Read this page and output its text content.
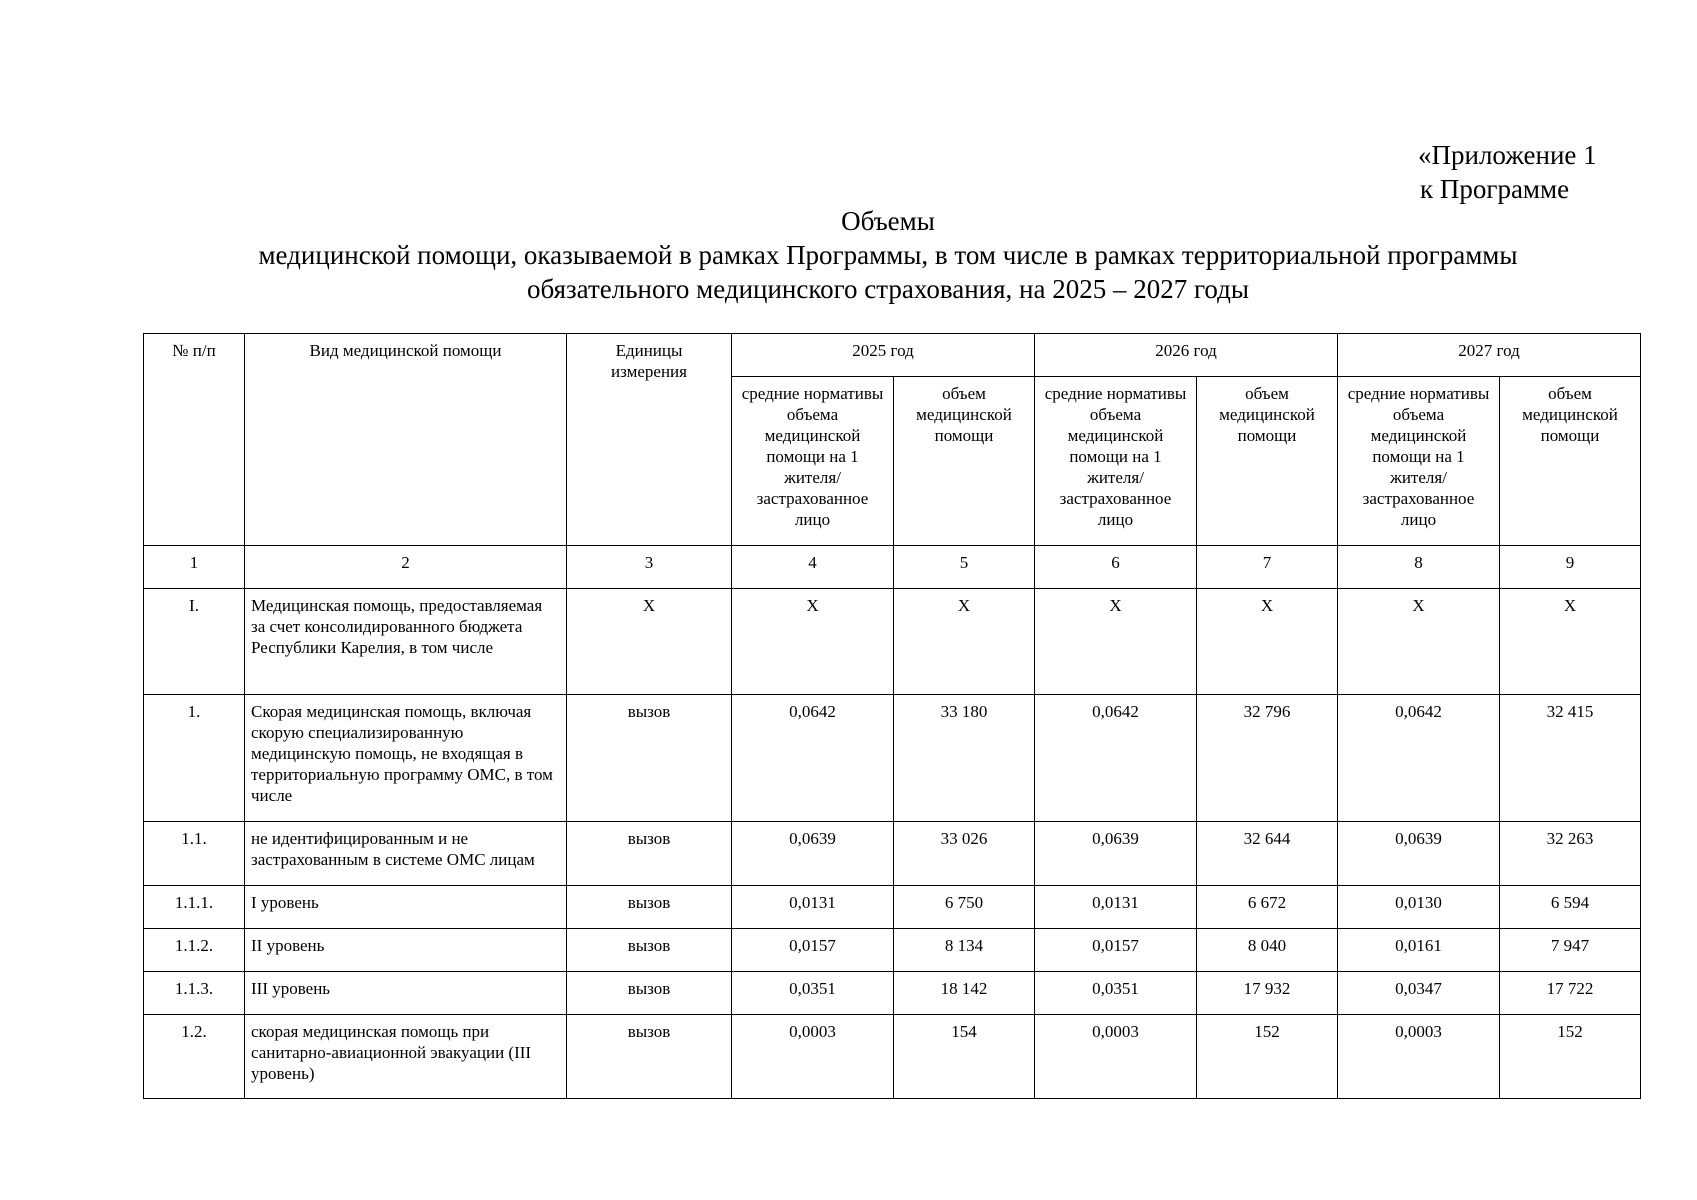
«Приложение 1
к Программе
Объемы
медицинской помощи, оказываемой в рамках Программы, в том числе в рамках территориальной программы
обязательного медицинского страхования, на 2025 – 2027 годы
№ п/п	Вид медицинской помощи	Единицы измерения	2025 год		2026 год		2027 год	
			средние нормативы объема медицинской помощи на 1 жителя/ застрахованное лицо	объем медицинской помощи	средние нормативы объема медицинской помощи на 1 жителя/ застрахованное лицо	объем медицинской помощи	средние нормативы объема медицинской помощи на 1 жителя/ застрахованное лицо	объем медицинской помощи
1	2	3	4	5	6	7	8	9
I.	Медицинская помощь, предоставляемая за счет консолидированного бюджета Республики Карелия, в том числе	Х	Х	Х	Х	Х	Х	Х
1.	Скорая медицинская помощь, включая скорую специализированную медицинскую помощь, не входящая в территориальную программу ОМС, в том числе	вызов	0,0642	33 180	0,0642	32 796	0,0642	32 415
1.1.	не идентифицированным и не застрахованным в системе ОМС лицам	вызов	0,0639	33 026	0,0639	32 644	0,0639	32 263
1.1.1.	I уровень	вызов	0,0131	6 750	0,0131	6 672	0,0130	6 594
1.1.2.	II уровень	вызов	0,0157	8 134	0,0157	8 040	0,0161	7 947
1.1.3.	III уровень	вызов	0,0351	18 142	0,0351	17 932	0,0347	17 722
1.2.	скорая медицинская помощь при санитарно-авиационной эвакуации (III уровень)	вызов	0,0003	154	0,0003	152	0,0003	152
